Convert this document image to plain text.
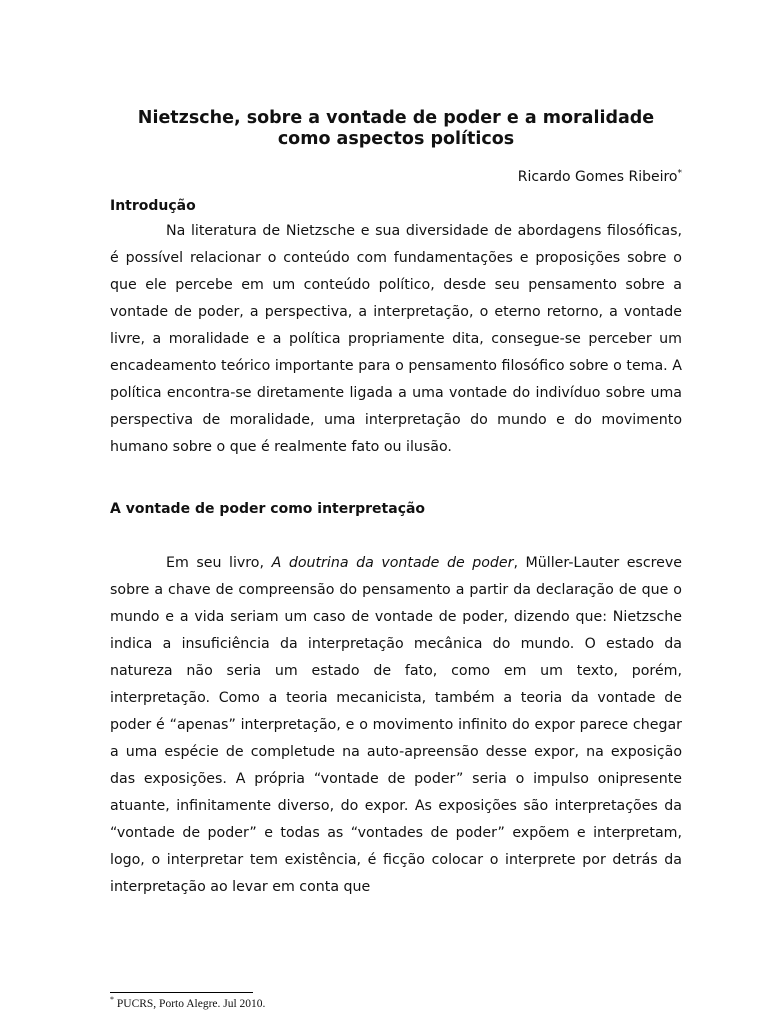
Nietzsche, sobre a vontade de poder e a moralidade
como aspectos políticos
Ricardo Gomes Ribeiro*
Introdução

Na literatura de Nietzsche e sua diversidade de abordagens filosóficas, é possível relacionar o conteúdo com fundamentações e proposições sobre o que ele percebe em um conteúdo político, desde seu pensamento sobre a vontade de poder, a perspectiva, a interpretação, o eterno retorno, a vontade livre, a moralidade e a política propriamente dita, consegue-se perceber um encadeamento teórico importante para o pensamento filosófico sobre o tema. A política encontra-se diretamente ligada a uma vontade do indivíduo sobre uma perspectiva de moralidade, uma interpretação do mundo e do movimento humano sobre o que é realmente fato ou ilusão.

A vontade de poder como interpretação

Em seu livro, A doutrina da vontade de poder, Müller-Lauter escreve sobre a chave de compreensão do pensamento a partir da declaração de que o mundo e a vida seriam um caso de vontade de poder, dizendo que: Nietzsche indica a insuficiência da interpretação mecânica do mundo. O estado da natureza não seria um estado de fato, como em um texto, porém, interpretação. Como a teoria mecanicista, também a teoria da vontade de poder é “apenas” interpretação, e o movimento infinito do expor parece chegar a uma espécie de completude na auto-apreensão desse expor, na exposição das exposições. A própria “vontade de poder” seria o impulso onipresente atuante, infinitamente diverso, do expor. As exposições são interpretações da “vontade de poder” e todas as “vontades de poder” expõem e interpretam, logo, o interpretar tem existência, é ficção colocar o interprete por detrás da interpretação ao levar em conta que

* PUCRS, Porto Alegre. Jul 2010.
